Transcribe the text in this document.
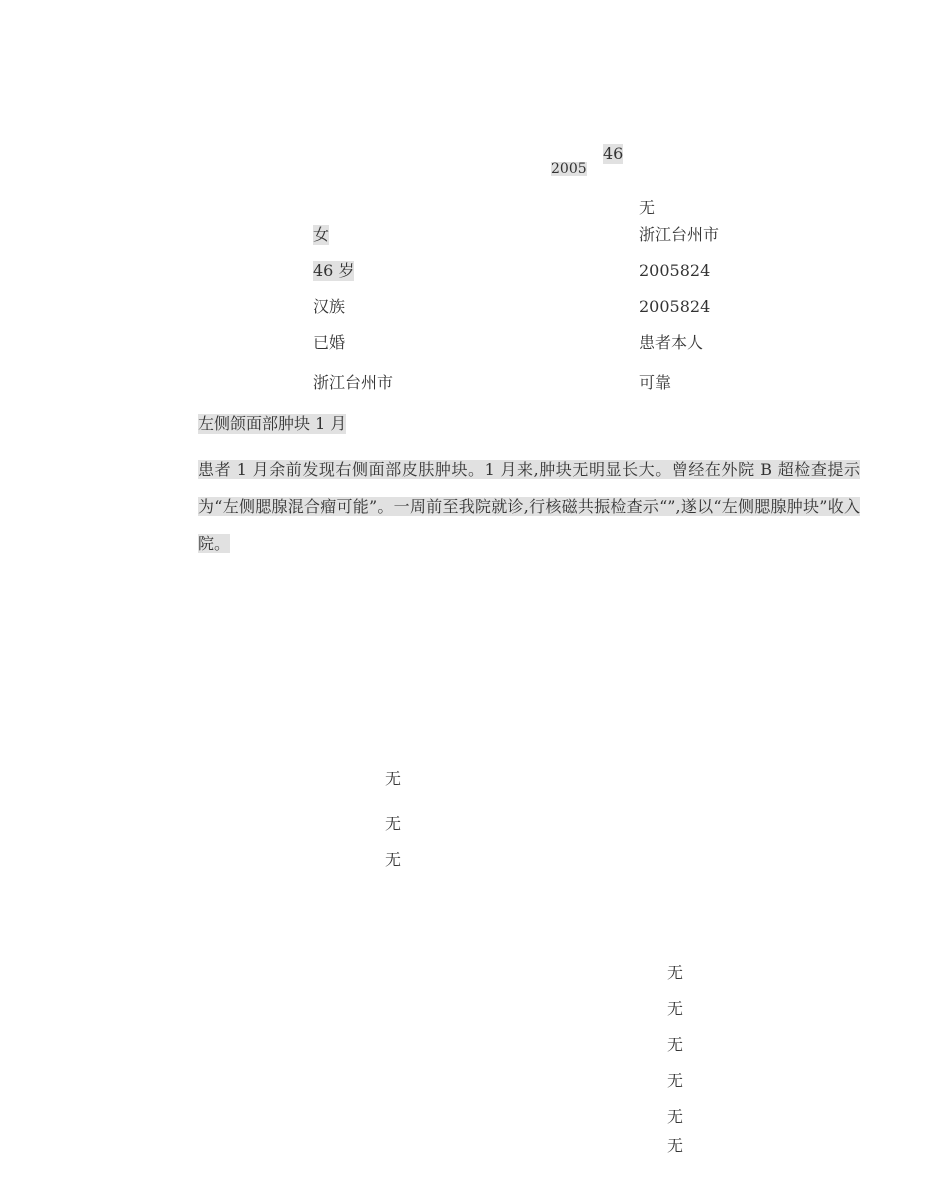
2005
46
无
女
46 岁
汉族
已婚
浙江台州市
浙江台州市
2005824
2005824
患者本人
可靠
左侧颌面部肿块 1 月

患者 1 月余前发现右侧面部皮肤肿块。1 月来,肿块无明显长大。曾经在外院 B 超检查提示为“左侧腮腺混合瘤可能”。一周前至我院就诊,行核磁共振检查示“”,遂以“左侧腮腺肿块”收入院。

无
无
无
无
无
无
无
无
无
